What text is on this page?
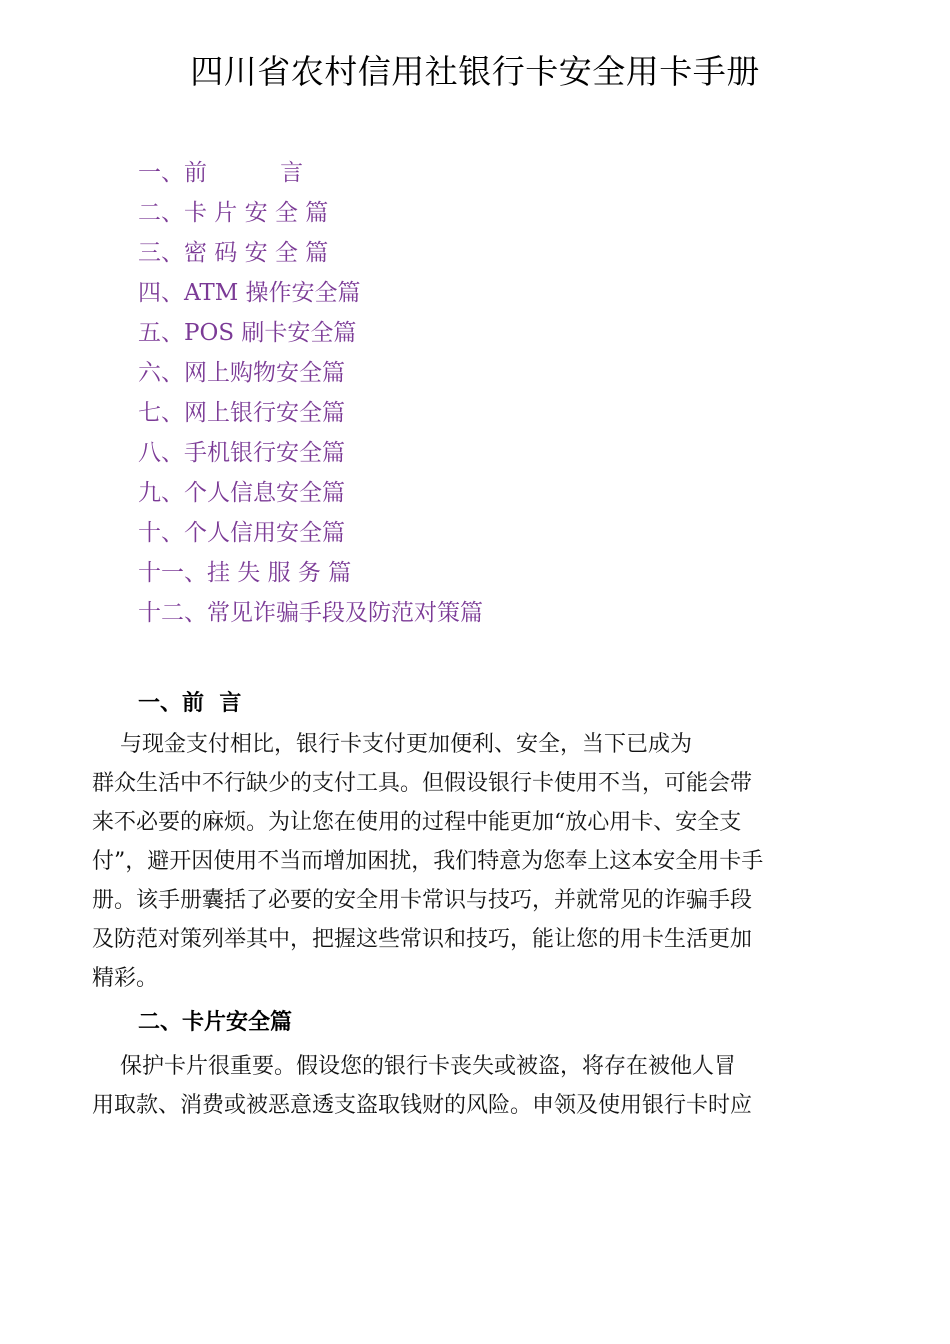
四川省农村信用社银行卡安全用卡手册
一、前          言
二、卡 片 安 全 篇
三、密 码 安 全 篇
四、ATM 操作安全篇
五、POS 刷卡安全篇
六、网上购物安全篇
七、网上银行安全篇
八、手机银行安全篇
九、个人信息安全篇
十、个人信用安全篇
十一、挂 失 服 务 篇
十二、常见诈骗手段及防范对策篇
一、前  言
与现金支付相比，银行卡支付更加便利、安全，当下已成为
群众生活中不行缺少的支付工具。但假设银行卡使用不当，可能会带
来不必要的麻烦。为让您在使用的过程中能更加“放心用卡、安全支
付”，避开因使用不当而增加困扰，我们特意为您奉上这本安全用卡手
册。该手册囊括了必要的安全用卡常识与技巧，并就常见的诈骗手段
及防范对策列举其中，把握这些常识和技巧，能让您的用卡生活更加
精彩。
二、卡片安全篇
保护卡片很重要。假设您的银行卡丧失或被盗，将存在被他人冒
用取款、消费或被恶意透支盗取钱财的风险。申领及使用银行卡时应
